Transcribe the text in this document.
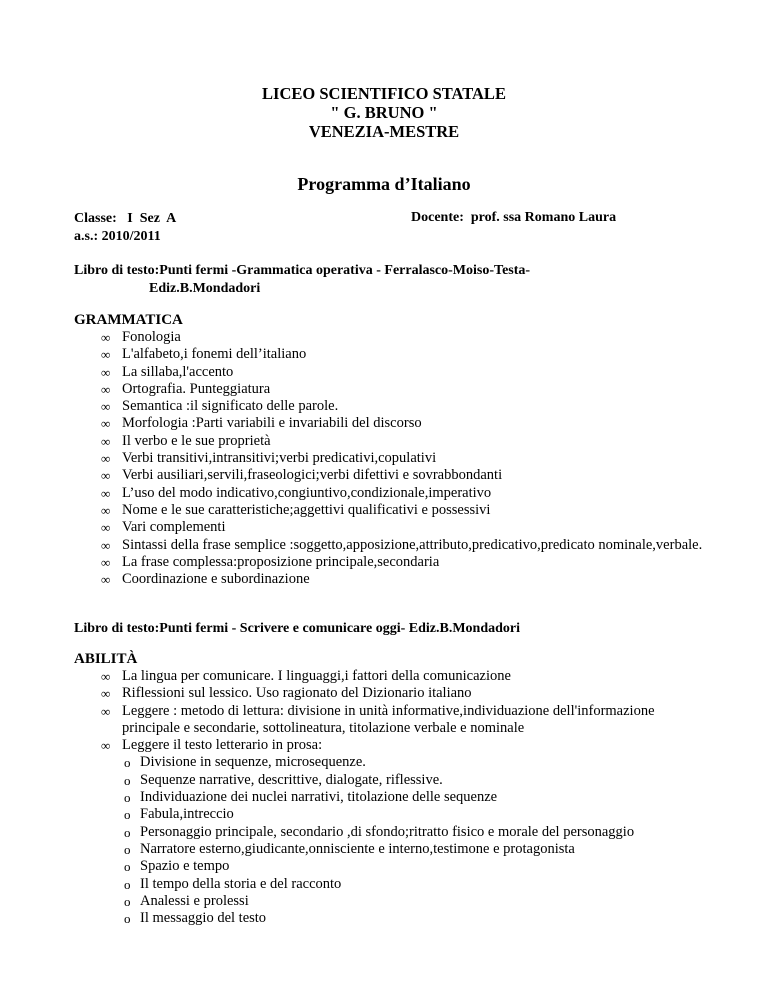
LICEO SCIENTIFICO STATALE
" G. BRUNO "
VENEZIA-MESTRE
Programma d’Italiano
Classe:   I  Sez  A
a.s.: 2010/2011
Docente:  prof. ssa Romano Laura
Libro di testo:Punti fermi -Grammatica operativa - Ferralasco-Moiso-Testa-
Ediz.B.Mondadori
GRAMMATICA
∞ Fonologia
∞ L'alfabeto,i fonemi dell’italiano
∞ La sillaba,l'accento
∞ Ortografia. Punteggiatura
∞ Semantica :il significato delle parole.
∞ Morfologia :Parti variabili e invariabili del discorso
∞ Il verbo e le sue proprietà
∞ Verbi transitivi,intransitivi;verbi predicativi,copulativi
∞ Verbi ausiliari,servili,fraseologici;verbi difettivi e sovrabbondanti
∞ L’uso del modo indicativo,congiuntivo,condizionale,imperativo
∞ Nome e le sue caratteristiche;aggettivi qualificativi e possessivi
∞ Vari complementi
∞ Sintassi della frase semplice :soggetto,apposizione,attributo,predicativo,predicato nominale,verbale.
∞ La frase complessa:proposizione principale,secondaria
∞ Coordinazione e subordinazione
Libro di testo:Punti fermi - Scrivere e comunicare oggi- Ediz.B.Mondadori
ABILITÀ
∞ La lingua per comunicare. I linguaggi,i fattori della comunicazione
∞ Riflessioni sul lessico. Uso ragionato del Dizionario italiano
∞ Leggere : metodo di lettura: divisione in unità informative,individuazione dell'informazione principale e secondarie, sottolineatura, titolazione verbale e nominale
∞ Leggere il testo letterario in prosa:
o Divisione in sequenze, microsequenze.
o Sequenze narrative, descrittive, dialogate, riflessive.
o Individuazione dei nuclei narrativi, titolazione delle sequenze
o Fabula,intreccio
o Personaggio principale, secondario ,di sfondo;ritratto fisico e morale del personaggio
o Narratore esterno,giudicante,onnisciente e interno,testimone e protagonista
o Spazio e tempo
o Il tempo della storia e del racconto
o Analessi e prolessi
o Il messaggio del testo
